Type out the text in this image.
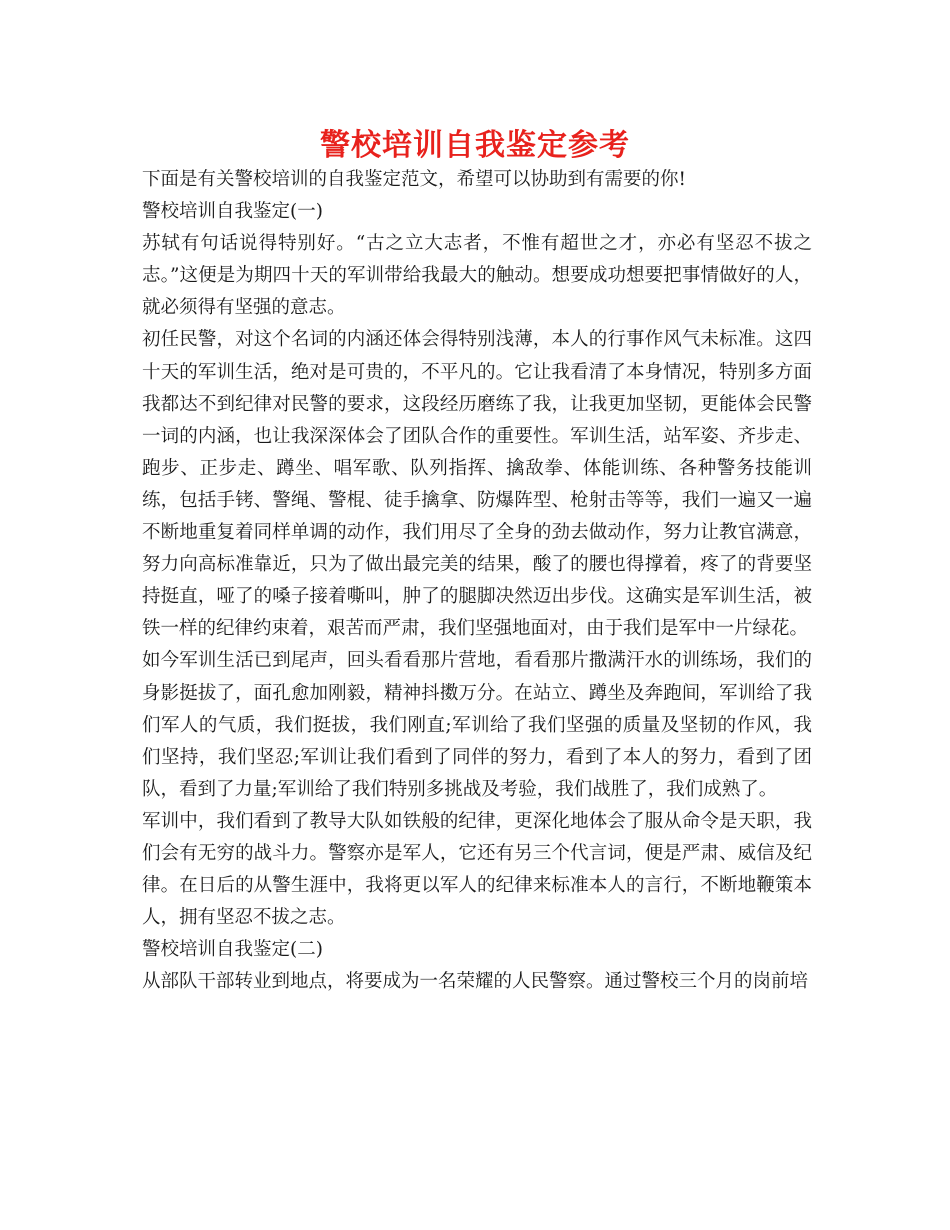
警校培训自我鉴定参考

下面是有关警校培训的自我鉴定范文，希望可以协助到有需要的你!

警校培训自我鉴定(一)

苏轼有句话说得特别好。“古之立大志者，不惟有超世之才，亦必有坚忍不拔之志。”这便是为期四十天的军训带给我最大的触动。想要成功想要把事情做好的人，就必须得有坚强的意志。

初任民警，对这个名词的内涵还体会得特别浅薄，本人的行事作风气未标准。这四十天的军训生活，绝对是可贵的，不平凡的。它让我看清了本身情况，特别多方面我都达不到纪律对民警的要求，这段经历磨练了我，让我更加坚韧，更能体会民警一词的内涵，也让我深深体会了团队合作的重要性。军训生活，站军姿、齐步走、跑步、正步走、蹲坐、唱军歌、队列指挥、擒敌拳、体能训练、各种警务技能训练，包括手铐、警绳、警棍、徒手擒拿、防爆阵型、枪射击等等，我们一遍又一遍不断地重复着同样单调的动作，我们用尽了全身的劲去做动作，努力让教官满意，努力向高标准靠近，只为了做出最完美的结果，酸了的腰也得撑着，疼了的背要坚持挺直，哑了的嗓子接着嘶叫，肿了的腿脚决然迈出步伐。这确实是军训生活，被铁一样的纪律约束着，艰苦而严肃，我们坚强地面对，由于我们是军中一片绿花。

如今军训生活已到尾声，回头看看那片营地，看看那片撒满汗水的训练场，我们的身影挺拔了，面孔愈加刚毅，精神抖擞万分。在站立、蹲坐及奔跑间，军训给了我们军人的气质，我们挺拔，我们刚直;军训给了我们坚强的质量及坚韧的作风，我们坚持，我们坚忍;军训让我们看到了同伴的努力，看到了本人的努力，看到了团队，看到了力量;军训给了我们特别多挑战及考验，我们战胜了，我们成熟了。

军训中，我们看到了教导大队如铁般的纪律，更深化地体会了服从命令是天职，我们会有无穷的战斗力。警察亦是军人，它还有另三个代言词，便是严肃、威信及纪律。在日后的从警生涯中，我将更以军人的纪律来标准本人的言行，不断地鞭策本人，拥有坚忍不拔之志。

警校培训自我鉴定(二)

从部队干部转业到地点，将要成为一名荣耀的人民警察。通过警校三个月的岗前培
